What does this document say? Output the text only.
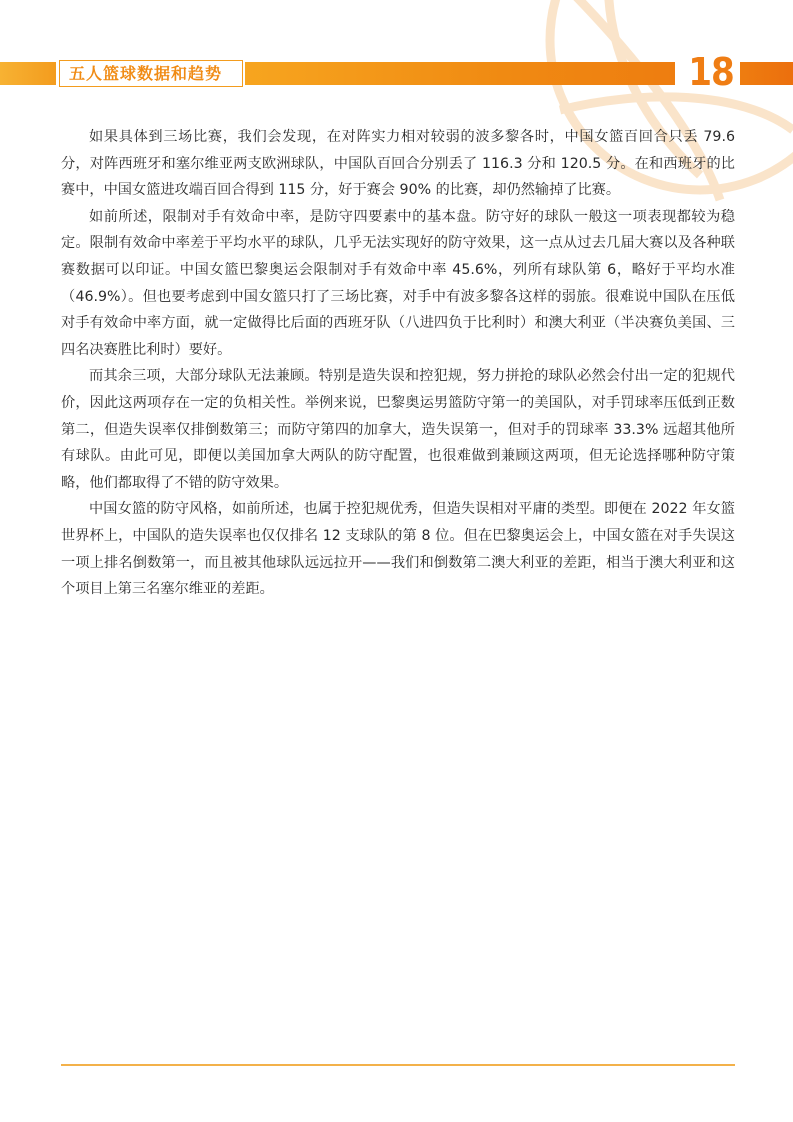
五人篮球数据和趋势	18

如果具体到三场比赛，我们会发现，在对阵实力相对较弱的波多黎各时，中国女篮百回合只丢 79.6 分，对阵西班牙和塞尔维亚两支欧洲球队，中国队百回合分别丢了 116.3 分和 120.5 分。在和西班牙的比赛中，中国女篮进攻端百回合得到 115 分，好于赛会 90% 的比赛，却仍然输掉了比赛。

如前所述，限制对手有效命中率，是防守四要素中的基本盘。防守好的球队一般这一项表现都较为稳定。限制有效命中率差于平均水平的球队，几乎无法实现好的防守效果，这一点从过去几届大赛以及各种联赛数据可以印证。中国女篮巴黎奥运会限制对手有效命中率 45.6%，列所有球队第 6，略好于平均水准（46.9%）。但也要考虑到中国女篮只打了三场比赛，对手中有波多黎各这样的弱旅。很难说中国队在压低对手有效命中率方面，就一定做得比后面的西班牙队（八进四负于比利时）和澳大利亚（半决赛负美国、三四名决赛胜比利时）要好。

而其余三项，大部分球队无法兼顾。特别是造失误和控犯规，努力拼抢的球队必然会付出一定的犯规代价，因此这两项存在一定的负相关性。举例来说，巴黎奥运男篮防守第一的美国队，对手罚球率压低到正数第二，但造失误率仅排倒数第三；而防守第四的加拿大，造失误第一，但对手的罚球率 33.3% 远超其他所有球队。由此可见，即便以美国加拿大两队的防守配置，也很难做到兼顾这两项，但无论选择哪种防守策略，他们都取得了不错的防守效果。

中国女篮的防守风格，如前所述，也属于控犯规优秀，但造失误相对平庸的类型。即便在 2022 年女篮世界杯上，中国队的造失误率也仅仅排名 12 支球队的第 8 位。但在巴黎奥运会上，中国女篮在对手失误这一项上排名倒数第一，而且被其他球队远远拉开——我们和倒数第二澳大利亚的差距，相当于澳大利亚和这个项目上第三名塞尔维亚的差距。
